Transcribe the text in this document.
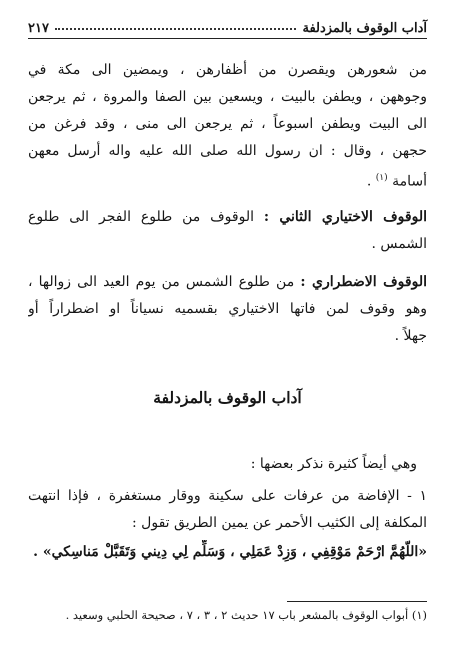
آداب الوقوف بالمزدلفة
٢١٧
من شعورهن ويقصرن من أظفارهن ، ويمضين الى مكة في
وجوههن ، ويطفن بالبيت ، ويسعين بين الصفا والمروة ، ثم يرجعن
الى البيت ويطفن اسبوعاً ، ثم يرجعن الى منى ، وقد فرغن من
حجهن ، وقال : ان رسول الله صلى الله عليه واله أرسل معهن
أسامة $^{(١)}$ .
الوقوف الاختياري الثاني : الوقوف من طلوع الفجر الى طلوع
الشمس .
الوقوف الاضطراري : من طلوع الشمس من يوم العيد الى زوالها ،
وهو وقوف لمن فاتها الاختياري بقسميه نسياناً او اضطراراً أو
جهلاً .
آداب الوقوف بالمزدلفة
وهي أيضاً كثيرة نذكر بعضها :
١ - الإفاضة من عرفات على سكينة ووقار مستغفرة ، فإذا انتهت
المكلفة إلى الكثيب الأحمر عن يمين الطريق تقول :
«اللّهُمَّ ارْحَمْ مَوْقِفِي ، وَزِدْ عَمَلِي ، وَسَلِّم لِي دِيني وَتَقَبَّلْ مَناسِكي» .
(١) أبواب الوقوف بالمشعر باب ١٧ حديث ٢ ، ٣ ، ٧ ، صحيحة الحلبي وسعيد .
